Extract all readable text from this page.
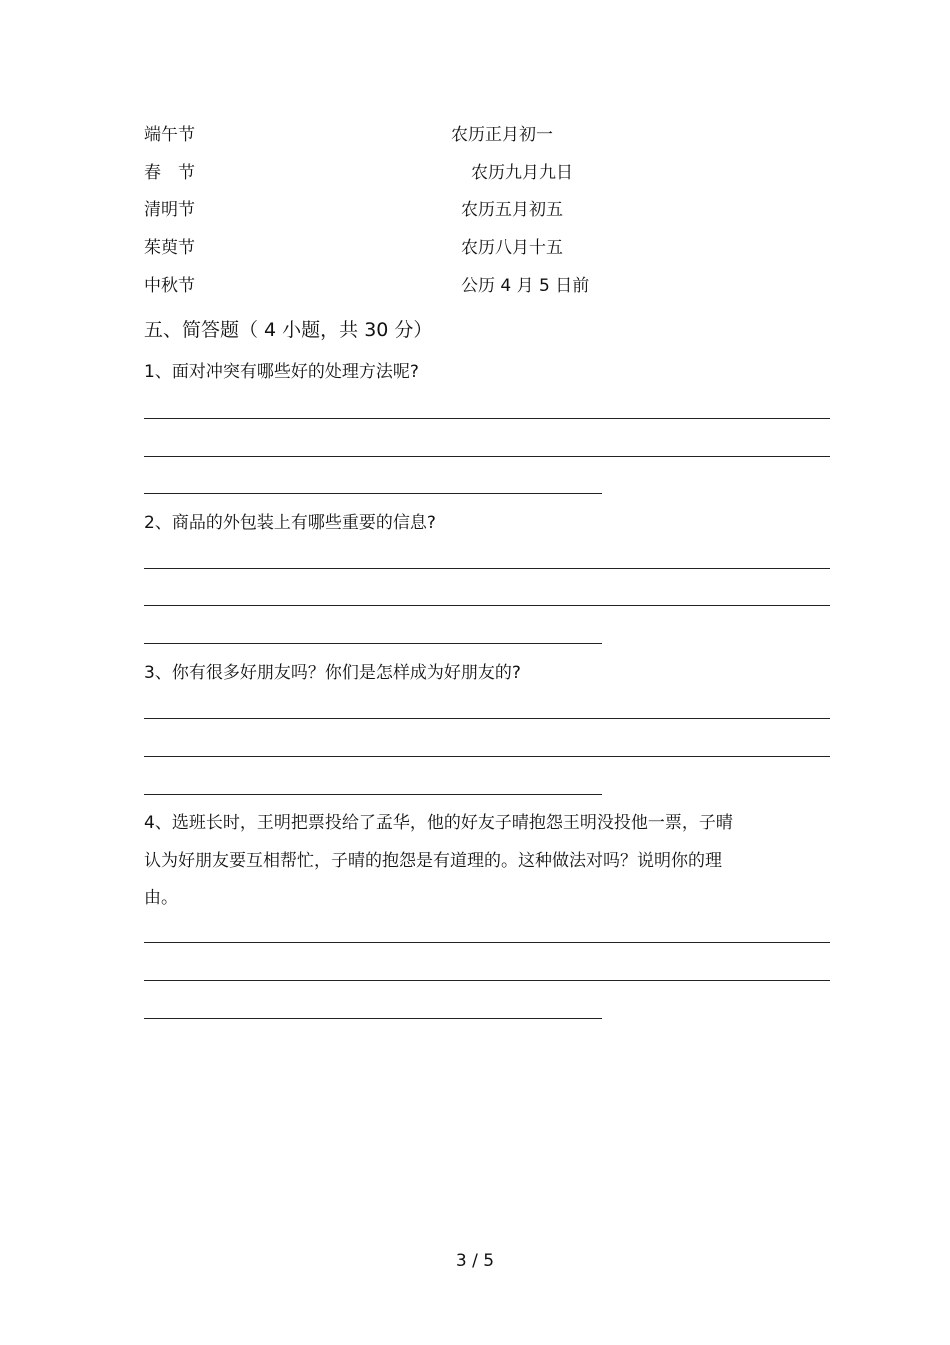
端午节
春　节
清明节
茱萸节
中秋节
农历正月初一
农历九月九日
农历五月初五
农历八月十五
公历 4 月 5 日前
五、简答题（ 4 小题，共 30 分）
1、面对冲突有哪些好的处理方法呢?
2、商品的外包装上有哪些重要的信息?
3、你有很多好朋友吗？你们是怎样成为好朋友的?
4、选班长时，王明把票投给了孟华，他的好友子晴抱怨王明没投他一票，子晴
认为好朋友要互相帮忙，子晴的抱怨是有道理的。这种做法对吗？说明你的理
由。
3 / 5
